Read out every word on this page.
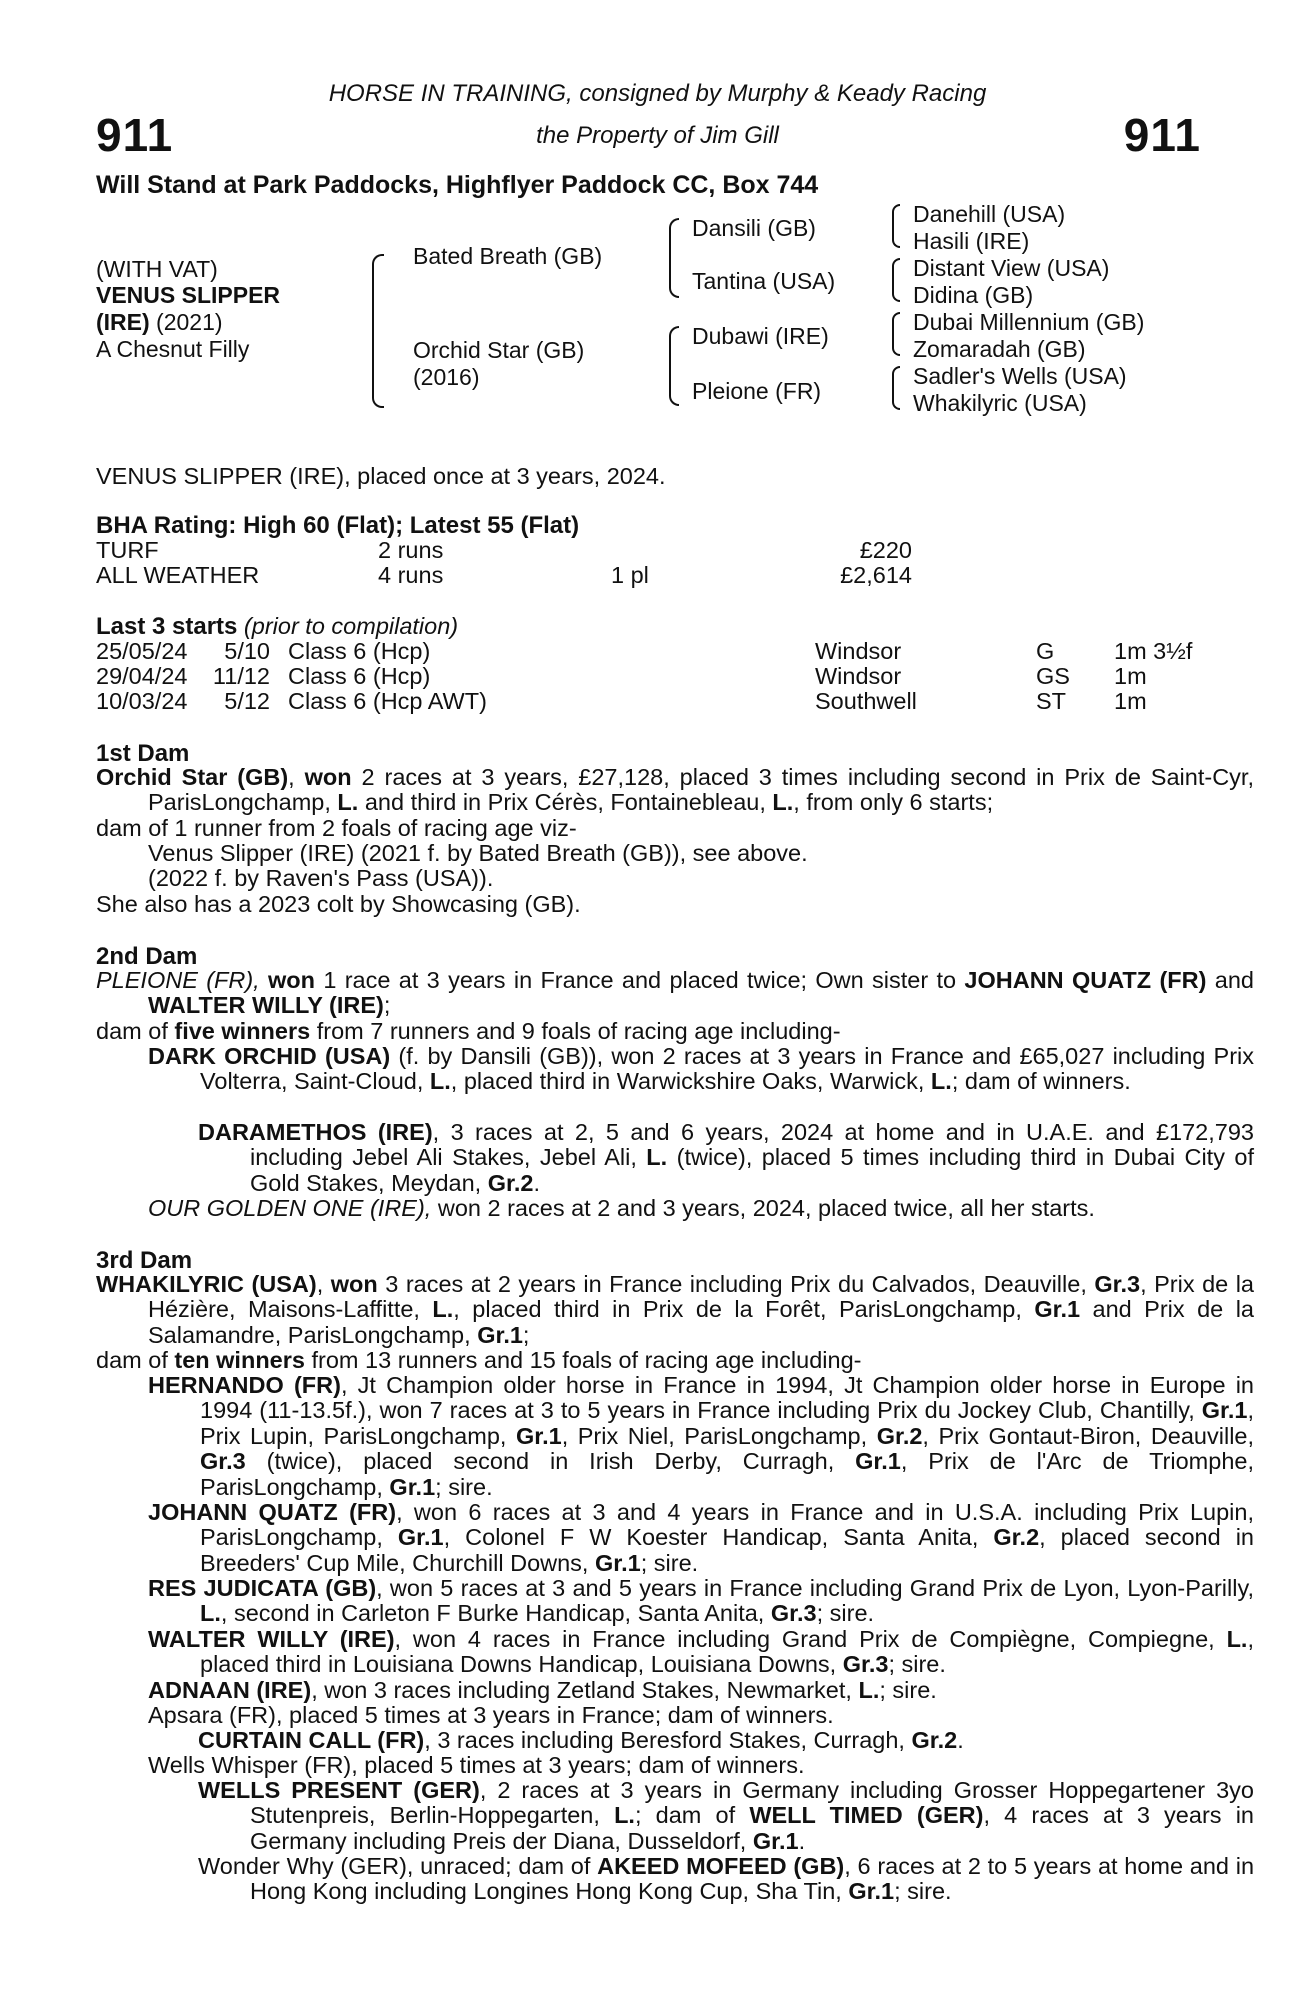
HORSE IN TRAINING, consigned by Murphy & Keady Racing
the Property of Jim Gill
911	911
Will Stand at Park Paddocks, Highflyer Paddock CC, Box 744
(WITH VAT)
VENUS SLIPPER
(IRE) (2021)
A Chesnut Filly
Bated Breath (GB)
Orchid Star (GB)
(2016)
Dansili (GB)
Tantina (USA)
Dubawi (IRE)
Pleione (FR)
Danehill (USA)
Hasili (IRE)
Distant View (USA)
Didina (GB)
Dubai Millennium (GB)
Zomaradah (GB)
Sadler's Wells (USA)
Whakilyric (USA)
VENUS SLIPPER (IRE), placed once at 3 years, 2024.
BHA Rating: High 60 (Flat); Latest 55 (Flat)
TURF	2 runs	£220
ALL WEATHER	4 runs	1 pl	£2,614
Last 3 starts (prior to compilation)
25/05/24	5/10 Class 6 (Hcp)	Windsor	G	1m 3½f
29/04/24	11/12 Class 6 (Hcp)	Windsor	GS 1m
10/03/24	5/12 Class 6 (Hcp AWT)	Southwell	ST 1m
1st Dam
Orchid Star (GB), won 2 races at 3 years, £27,128, placed 3 times including second in Prix de Saint-Cyr, ParisLongchamp, L. and third in Prix Cérès, Fontainebleau, L., from only 6 starts;
dam of 1 runner from 2 foals of racing age viz-
Venus Slipper (IRE) (2021 f. by Bated Breath (GB)), see above.
(2022 f. by Raven's Pass (USA)).
She also has a 2023 colt by Showcasing (GB).
2nd Dam
PLEIONE (FR), won 1 race at 3 years in France and placed twice; Own sister to JOHANN QUATZ (FR) and WALTER WILLY (IRE);
dam of five winners from 7 runners and 9 foals of racing age including-
DARK ORCHID (USA) (f. by Dansili (GB)), won 2 races at 3 years in France and £65,027 including Prix Volterra, Saint-Cloud, L., placed third in Warwickshire Oaks, Warwick, L.; dam of winners.
DARAMETHOS (IRE), 3 races at 2, 5 and 6 years, 2024 at home and in U.A.E. and £172,793 including Jebel Ali Stakes, Jebel Ali, L. (twice), placed 5 times including third in Dubai City of Gold Stakes, Meydan, Gr.2.
OUR GOLDEN ONE (IRE), won 2 races at 2 and 3 years, 2024, placed twice, all her starts.
3rd Dam
WHAKILYRIC (USA), won 3 races at 2 years in France including Prix du Calvados, Deauville, Gr.3, Prix de la Hézière, Maisons-Laffitte, L., placed third in Prix de la Forêt, ParisLongchamp, Gr.1 and Prix de la Salamandre, ParisLongchamp, Gr.1;
dam of ten winners from 13 runners and 15 foals of racing age including-
HERNANDO (FR), Jt Champion older horse in France in 1994, Jt Champion older horse in Europe in 1994 (11-13.5f.), won 7 races at 3 to 5 years in France including Prix du Jockey Club, Chantilly, Gr.1, Prix Lupin, ParisLongchamp, Gr.1, Prix Niel, ParisLongchamp, Gr.2, Prix Gontaut-Biron, Deauville, Gr.3 (twice), placed second in Irish Derby, Curragh, Gr.1, Prix de l'Arc de Triomphe, ParisLongchamp, Gr.1; sire.
JOHANN QUATZ (FR), won 6 races at 3 and 4 years in France and in U.S.A. including Prix Lupin, ParisLongchamp, Gr.1, Colonel F W Koester Handicap, Santa Anita, Gr.2, placed second in Breeders' Cup Mile, Churchill Downs, Gr.1; sire.
RES JUDICATA (GB), won 5 races at 3 and 5 years in France including Grand Prix de Lyon, Lyon-Parilly, L., second in Carleton F Burke Handicap, Santa Anita, Gr.3; sire.
WALTER WILLY (IRE), won 4 races in France including Grand Prix de Compiègne, Compiegne, L., placed third in Louisiana Downs Handicap, Louisiana Downs, Gr.3; sire.
ADNAAN (IRE), won 3 races including Zetland Stakes, Newmarket, L.; sire.
Apsara (FR), placed 5 times at 3 years in France; dam of winners.
CURTAIN CALL (FR), 3 races including Beresford Stakes, Curragh, Gr.2.
Wells Whisper (FR), placed 5 times at 3 years; dam of winners.
WELLS PRESENT (GER), 2 races at 3 years in Germany including Grosser Hoppegartener 3yo Stutenpreis, Berlin-Hoppegarten, L.; dam of WELL TIMED (GER), 4 races at 3 years in Germany including Preis der Diana, Dusseldorf, Gr.1.
Wonder Why (GER), unraced; dam of AKEED MOFEED (GB), 6 races at 2 to 5 years at home and in Hong Kong including Longines Hong Kong Cup, Sha Tin, Gr.1; sire.
